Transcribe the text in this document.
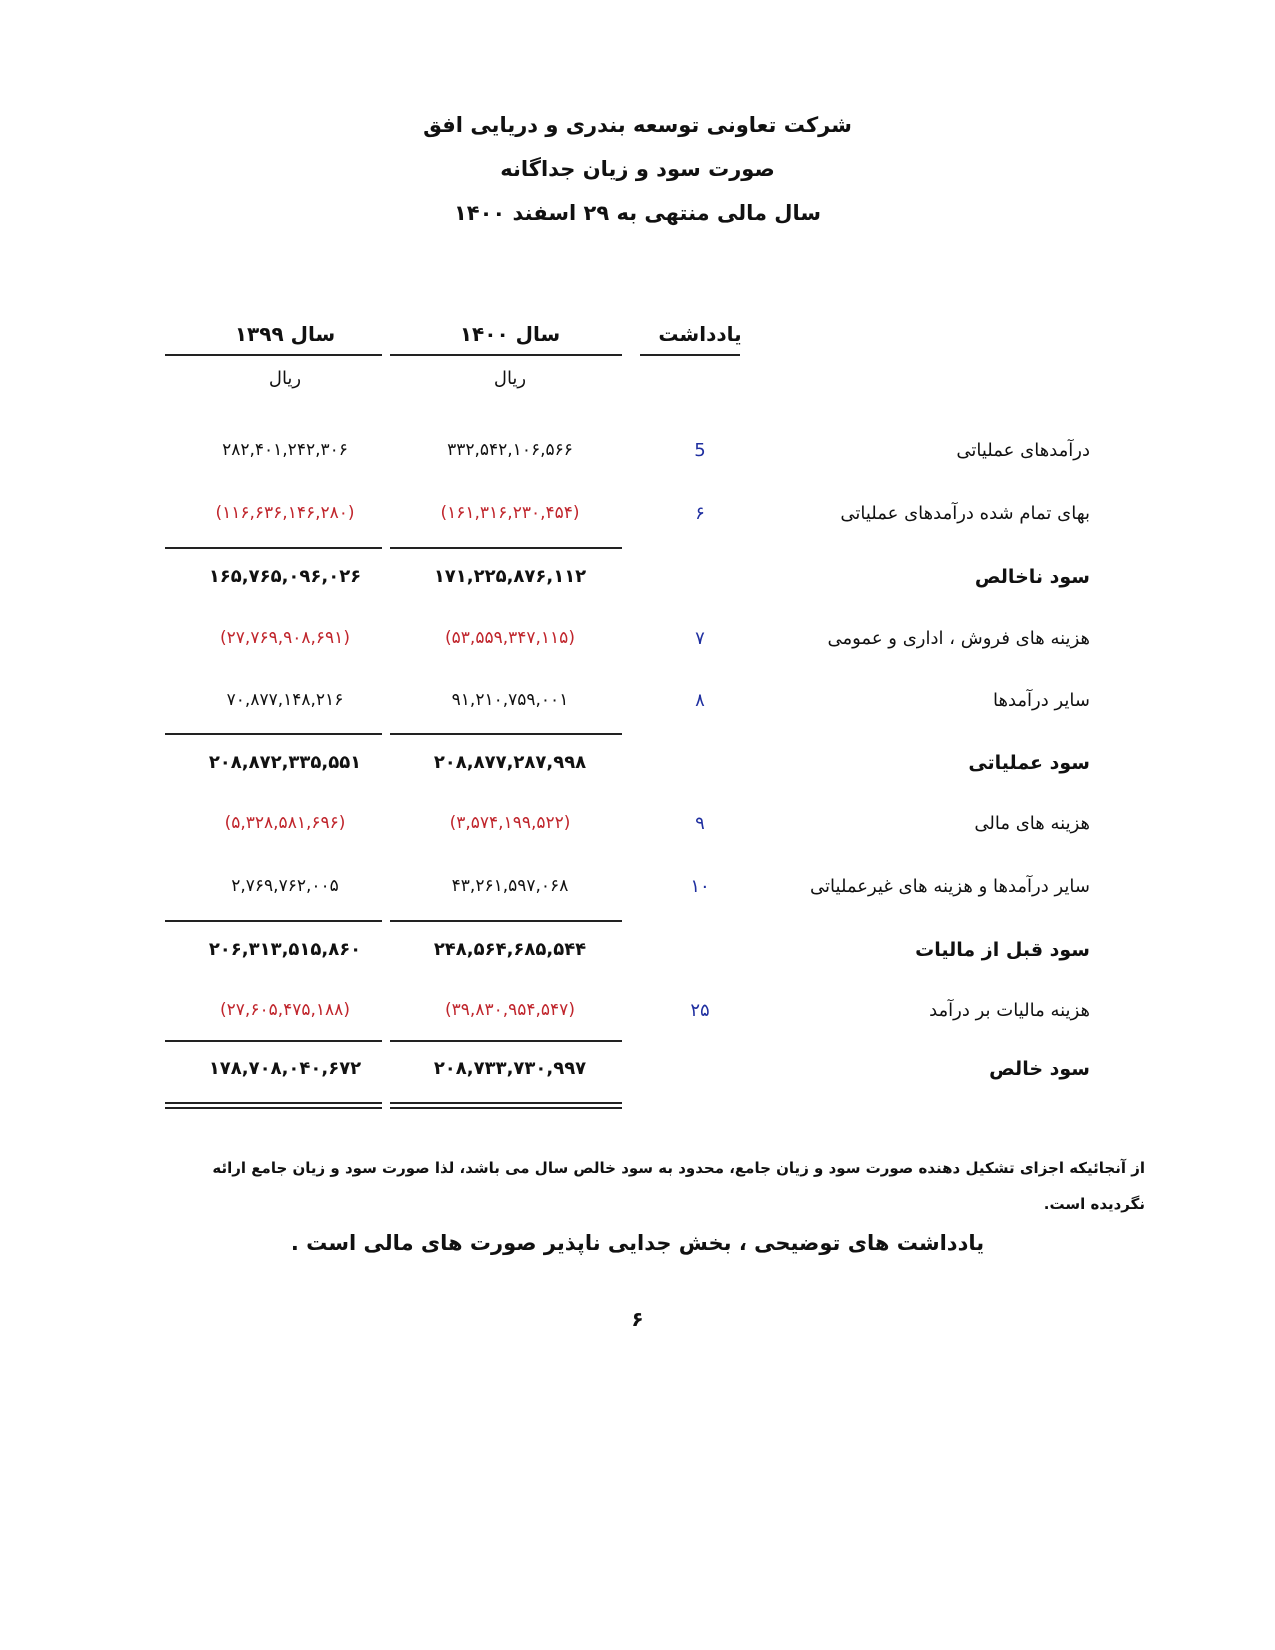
شرکت تعاونی توسعه بندری و دریایی افق
صورت سود و زیان جداگانه
سال مالی منتهی به ۲۹ اسفند ۱۴۰۰
یادداشت
سال ۱۴۰۰
سال ۱۳۹۹
ریال
ریال
درآمدهای عملیاتی
5
۳۳۲,۵۴۲,۱۰۶,۵۶۶
۲۸۲,۴۰۱,۲۴۲,۳۰۶
بهای تمام شده درآمدهای عملیاتی
۶
(۱۶۱,۳۱۶,۲۳۰,۴۵۴)
(۱۱۶,۶۳۶,۱۴۶,۲۸۰)
سود ناخالص
۱۷۱,۲۲۵,۸۷۶,۱۱۲
۱۶۵,۷۶۵,۰۹۶,۰۲۶
هزینه های فروش ، اداری و عمومی
۷
(۵۳,۵۵۹,۳۴۷,۱۱۵)
(۲۷,۷۶۹,۹۰۸,۶۹۱)
سایر درآمدها
۸
۹۱,۲۱۰,۷۵۹,۰۰۱
۷۰,۸۷۷,۱۴۸,۲۱۶
سود عملیاتی
۲۰۸,۸۷۷,۲۸۷,۹۹۸
۲۰۸,۸۷۲,۳۳۵,۵۵۱
هزینه های مالی
۹
(۳,۵۷۴,۱۹۹,۵۲۲)
(۵,۳۲۸,۵۸۱,۶۹۶)
سایر درآمدها و هزینه های غیرعملیاتی
۱۰
۴۳,۲۶۱,۵۹۷,۰۶۸
۲,۷۶۹,۷۶۲,۰۰۵
سود قبل از مالیات
۲۴۸,۵۶۴,۶۸۵,۵۴۴
۲۰۶,۳۱۳,۵۱۵,۸۶۰
هزینه مالیات بر درآمد
۲۵
(۳۹,۸۳۰,۹۵۴,۵۴۷)
(۲۷,۶۰۵,۴۷۵,۱۸۸)
سود خالص
۲۰۸,۷۳۳,۷۳۰,۹۹۷
۱۷۸,۷۰۸,۰۴۰,۶۷۲
از آنجائیکه اجزای تشکیل دهنده صورت سود و زیان جامع، محدود به سود خالص سال می باشد، لذا صورت سود و زیان جامع ارائه نگردیده است.
یادداشت های توضیحی ، بخش جدایی ناپذیر صورت های مالی است .
۶
